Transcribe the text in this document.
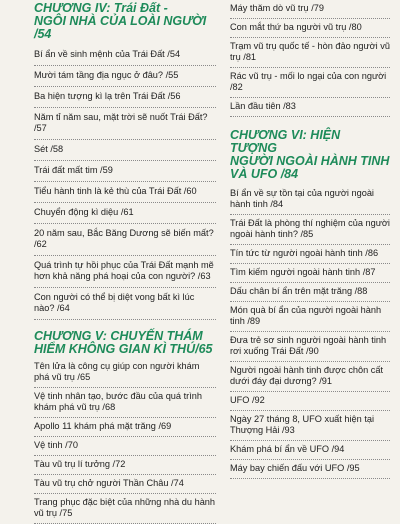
CHƯƠNG IV: Trái Đất -
NGÔI NHÀ CỦA LOÀI NGƯỜI /54
Bí ẩn về sinh mệnh của Trái Đất /54
Mười tám tầng địa ngục ở đâu? /55
Ba hiện tượng kì lạ trên Trái Đất /56
Năm tỉ năm sau, mặt trời sẽ nuốt Trái Đất? /57
Sét /58
Trái đất mất tim /59
Tiểu hành tinh là kẻ thù của Trái Đất /60
Chuyển động kì diệu /61
20 năm sau, Bắc Băng Dương sẽ biến mất? /62
Quá trình tự hồi phục của Trái Đất mạnh mẽ hơn khả năng phá hoại của con người? /63
Con người có thể bị diệt vong bất kì lúc nào? /64
CHƯƠNG V: CHUYẾN THÁM
HIỂM KHÔNG GIAN KÌ THÚ/65
Tên lửa là công cụ giúp con người khám phá vũ trụ /65
Vệ tinh nhân tạo, bước đầu của quá trình khám phá vũ trụ /68
Apollo 11 khám phá mặt trăng /69
Vệ tinh /70
Tàu vũ trụ lí tưởng /72
Tàu vũ trụ chở người Thần Châu /74
Trang phục đặc biệt của những nhà du hành vũ trụ /75
Máy thăm dò vũ trụ /79
Con mắt thứ ba người vũ trụ /80
Trạm vũ trụ quốc tế - hòn đảo người vũ trụ /81
Rác vũ trụ - mối lo ngại của con người /82
Lần đầu tiên /83
CHƯƠNG VI: HIỆN TƯỢNG
NGƯỜI NGOÀI HÀNH TINH
VÀ UFO /84
Bí ẩn về sự tồn tại của người ngoài hành tinh /84
Trái Đất là phòng thí nghiệm của người ngoài hành tinh? /85
Tín tức từ người ngoài hành tinh /86
Tìm kiếm người ngoài hành tinh /87
Dấu chân bí ẩn trên mặt trăng /88
Món quà bí ẩn của người ngoài hành tinh /89
Đưa trẻ sơ sinh người ngoài hành tinh rơi xuống Trái Đất /90
Người ngoài hành tinh được chôn cất dưới đáy đại dương? /91
UFO /92
Ngày 27 tháng 8, UFO xuất hiện tại Thượng Hải /93
Khám phá bí ẩn về UFO /94
Máy bay chiến đấu với UFO /95
